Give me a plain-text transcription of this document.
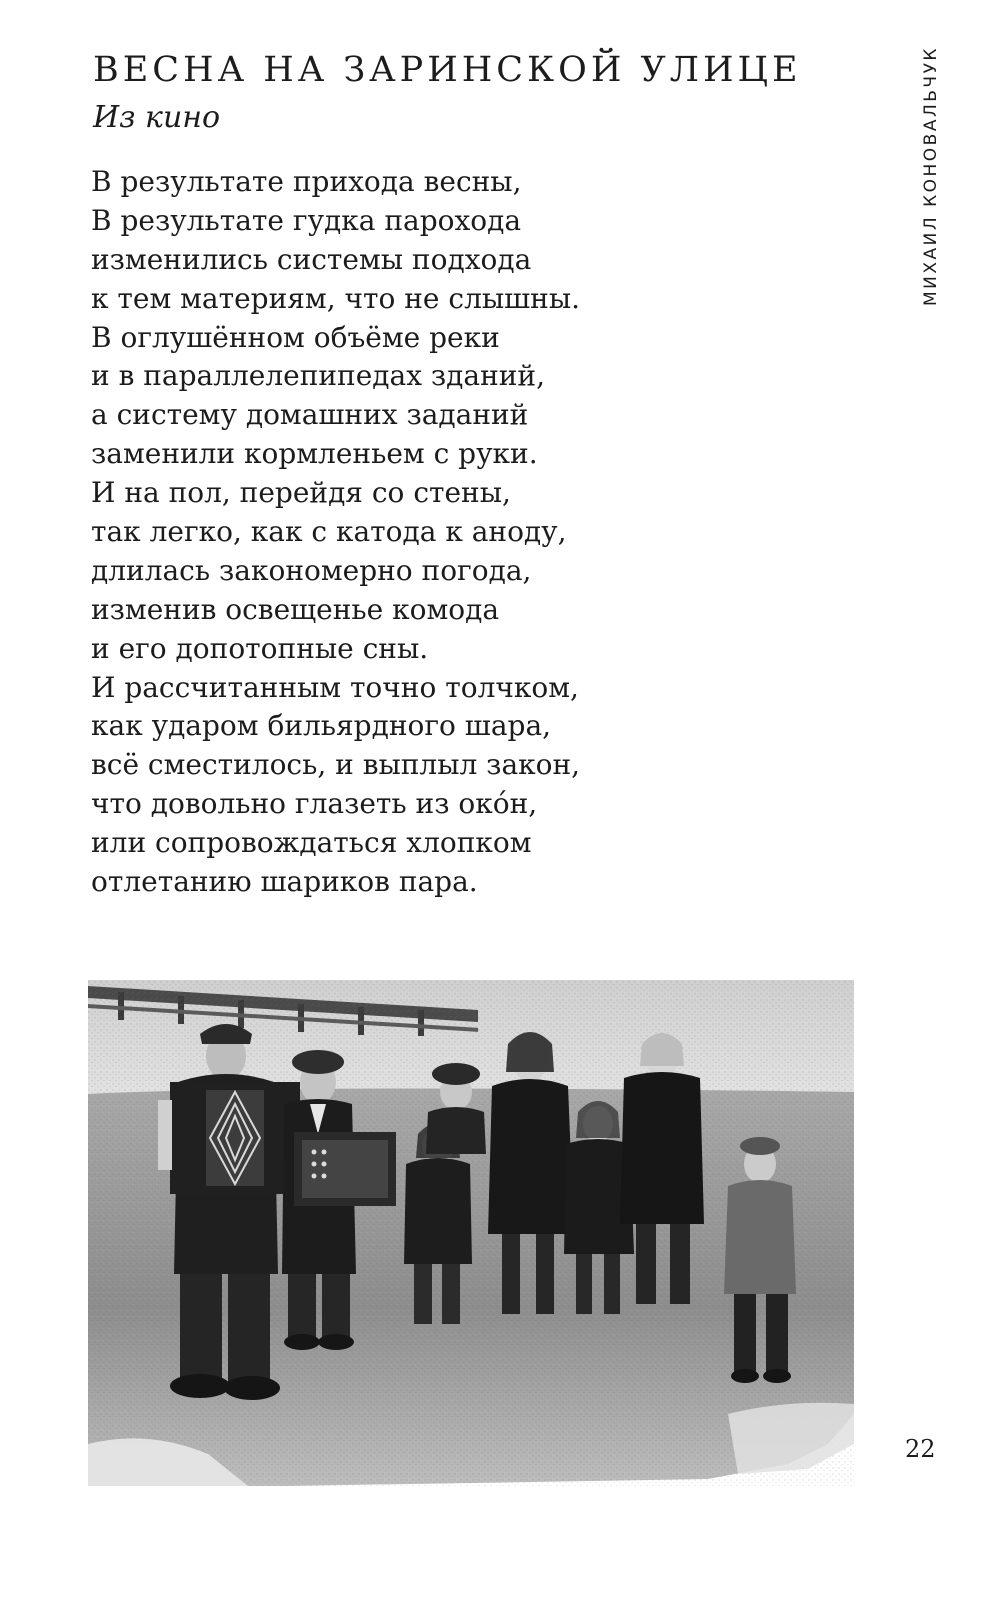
ВЕСНА НА ЗАРИНСКОЙ УЛИЦЕ
Из кино
В результате прихода весны,
В результате гудка парохода
изменились системы подхода
к тем материям, что не слышны.
В оглушённом объёме реки
и в параллелепипедах зданий,
а систему домашних заданий
заменили кормленьем с руки.
И на пол, перейдя со стены,
так легко, как с катода к аноду,
длилась закономерно погода,
изменив освещенье комода
и его допотопные сны.
И рассчитанным точно толчком,
как ударом бильярдного шара,
всё сместилось, и выплыл закон,
что довольно глазеть из око́н,
или сопровождаться хлопком
отлетанию шариков пара.
МИХАИЛ КОНОВАЛЬЧУК
22
